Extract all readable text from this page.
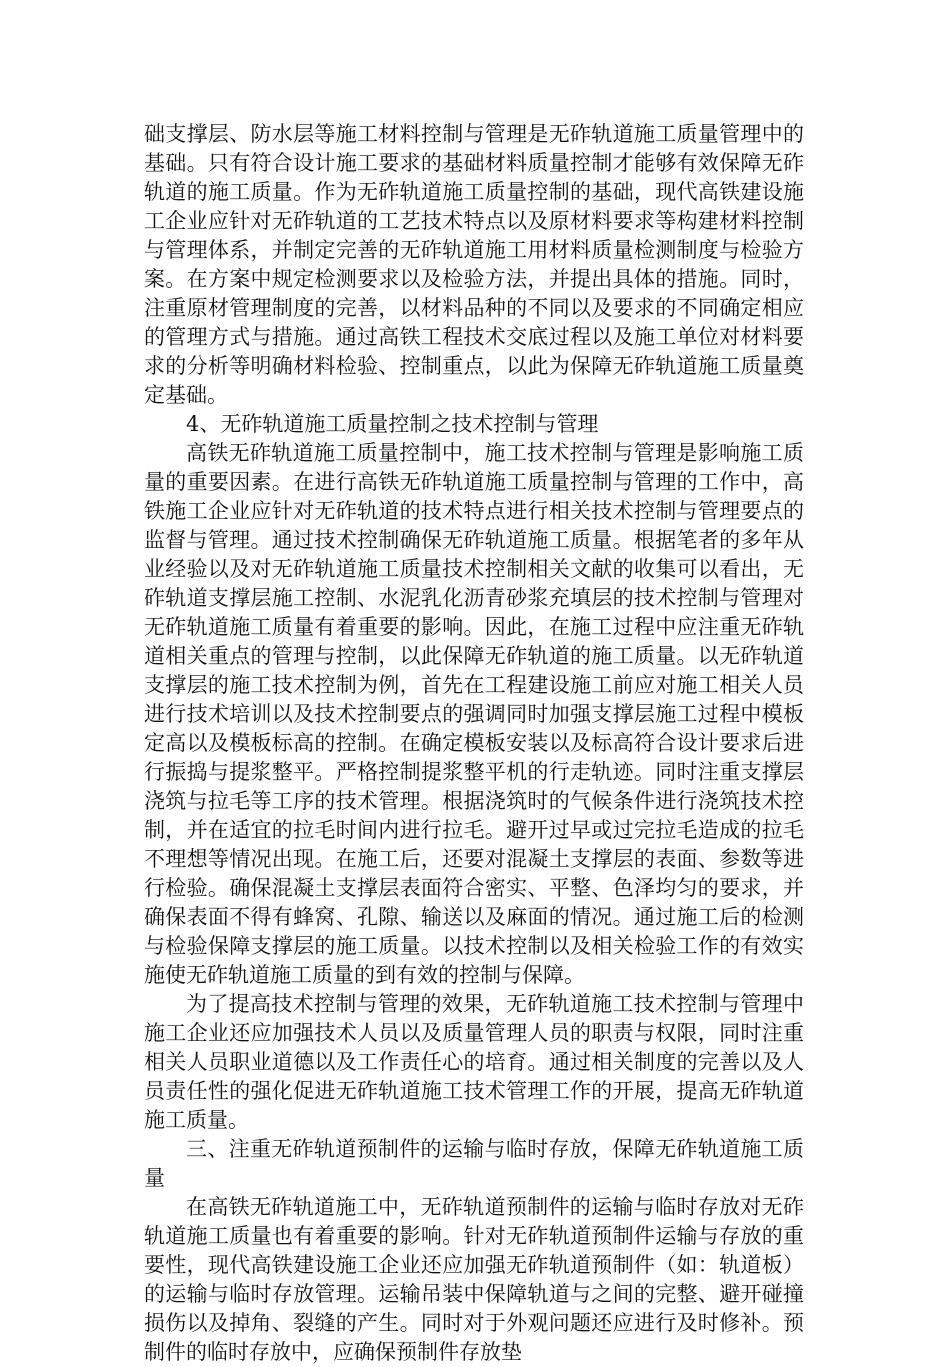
础支撑层、防水层等施工材料控制与管理是无砟轨道施工质量管理中的基础。只有符合设计施工要求的基础材料质量控制才能够有效保障无砟轨道的施工质量。作为无砟轨道施工质量控制的基础，现代高铁建设施工企业应针对无砟轨道的工艺技术特点以及原材料要求等构建材料控制与管理体系，并制定完善的无砟轨道施工用材料质量检测制度与检验方案。在方案中规定检测要求以及检验方法，并提出具体的措施。同时，注重原材管理制度的完善，以材料品种的不同以及要求的不同确定相应的管理方式与措施。通过高铁工程技术交底过程以及施工单位对材料要求的分析等明确材料检验、控制重点，以此为保障无砟轨道施工质量奠定基础。

4、无砟轨道施工质量控制之技术控制与管理

高铁无砟轨道施工质量控制中，施工技术控制与管理是影响施工质量的重要因素。在进行高铁无砟轨道施工质量控制与管理的工作中，高铁施工企业应针对无砟轨道的技术特点进行相关技术控制与管理要点的监督与管理。通过技术控制确保无砟轨道施工质量。根据笔者的多年从业经验以及对无砟轨道施工质量技术控制相关文献的收集可以看出，无砟轨道支撑层施工控制、水泥乳化沥青砂浆充填层的技术控制与管理对无砟轨道施工质量有着重要的影响。因此，在施工过程中应注重无砟轨道相关重点的管理与控制，以此保障无砟轨道的施工质量。以无砟轨道支撑层的施工技术控制为例，首先在工程建设施工前应对施工相关人员进行技术培训以及技术控制要点的强调同时加强支撑层施工过程中模板定高以及模板标高的控制。在确定模板安装以及标高符合设计要求后进行振捣与提浆整平。严格控制提浆整平机的行走轨迹。同时注重支撑层浇筑与拉毛等工序的技术管理。根据浇筑时的气候条件进行浇筑技术控制，并在适宜的拉毛时间内进行拉毛。避开过早或过完拉毛造成的拉毛不理想等情况出现。在施工后，还要对混凝土支撑层的表面、参数等进行检验。确保混凝土支撑层表面符合密实、平整、色泽均匀的要求，并确保表面不得有蜂窝、孔隙、输送以及麻面的情况。通过施工后的检测与检验保障支撑层的施工质量。以技术控制以及相关检验工作的有效实施使无砟轨道施工质量的到有效的控制与保障。

为了提高技术控制与管理的效果，无砟轨道施工技术控制与管理中施工企业还应加强技术人员以及质量管理人员的职责与权限，同时注重相关人员职业道德以及工作责任心的培育。通过相关制度的完善以及人员责任性的强化促进无砟轨道施工技术管理工作的开展，提高无砟轨道施工质量。

三、注重无砟轨道预制件的运输与临时存放，保障无砟轨道施工质量

在高铁无砟轨道施工中，无砟轨道预制件的运输与临时存放对无砟轨道施工质量也有着重要的影响。针对无砟轨道预制件运输与存放的重要性，现代高铁建设施工企业还应加强无砟轨道预制件（如：轨道板）的运输与临时存放管理。运输吊装中保障轨道与之间的完整、避开碰撞损伤以及掉角、裂缝的产生。同时对于外观问题还应进行及时修补。预制件的临时存放中，应确保预制件存放垫
